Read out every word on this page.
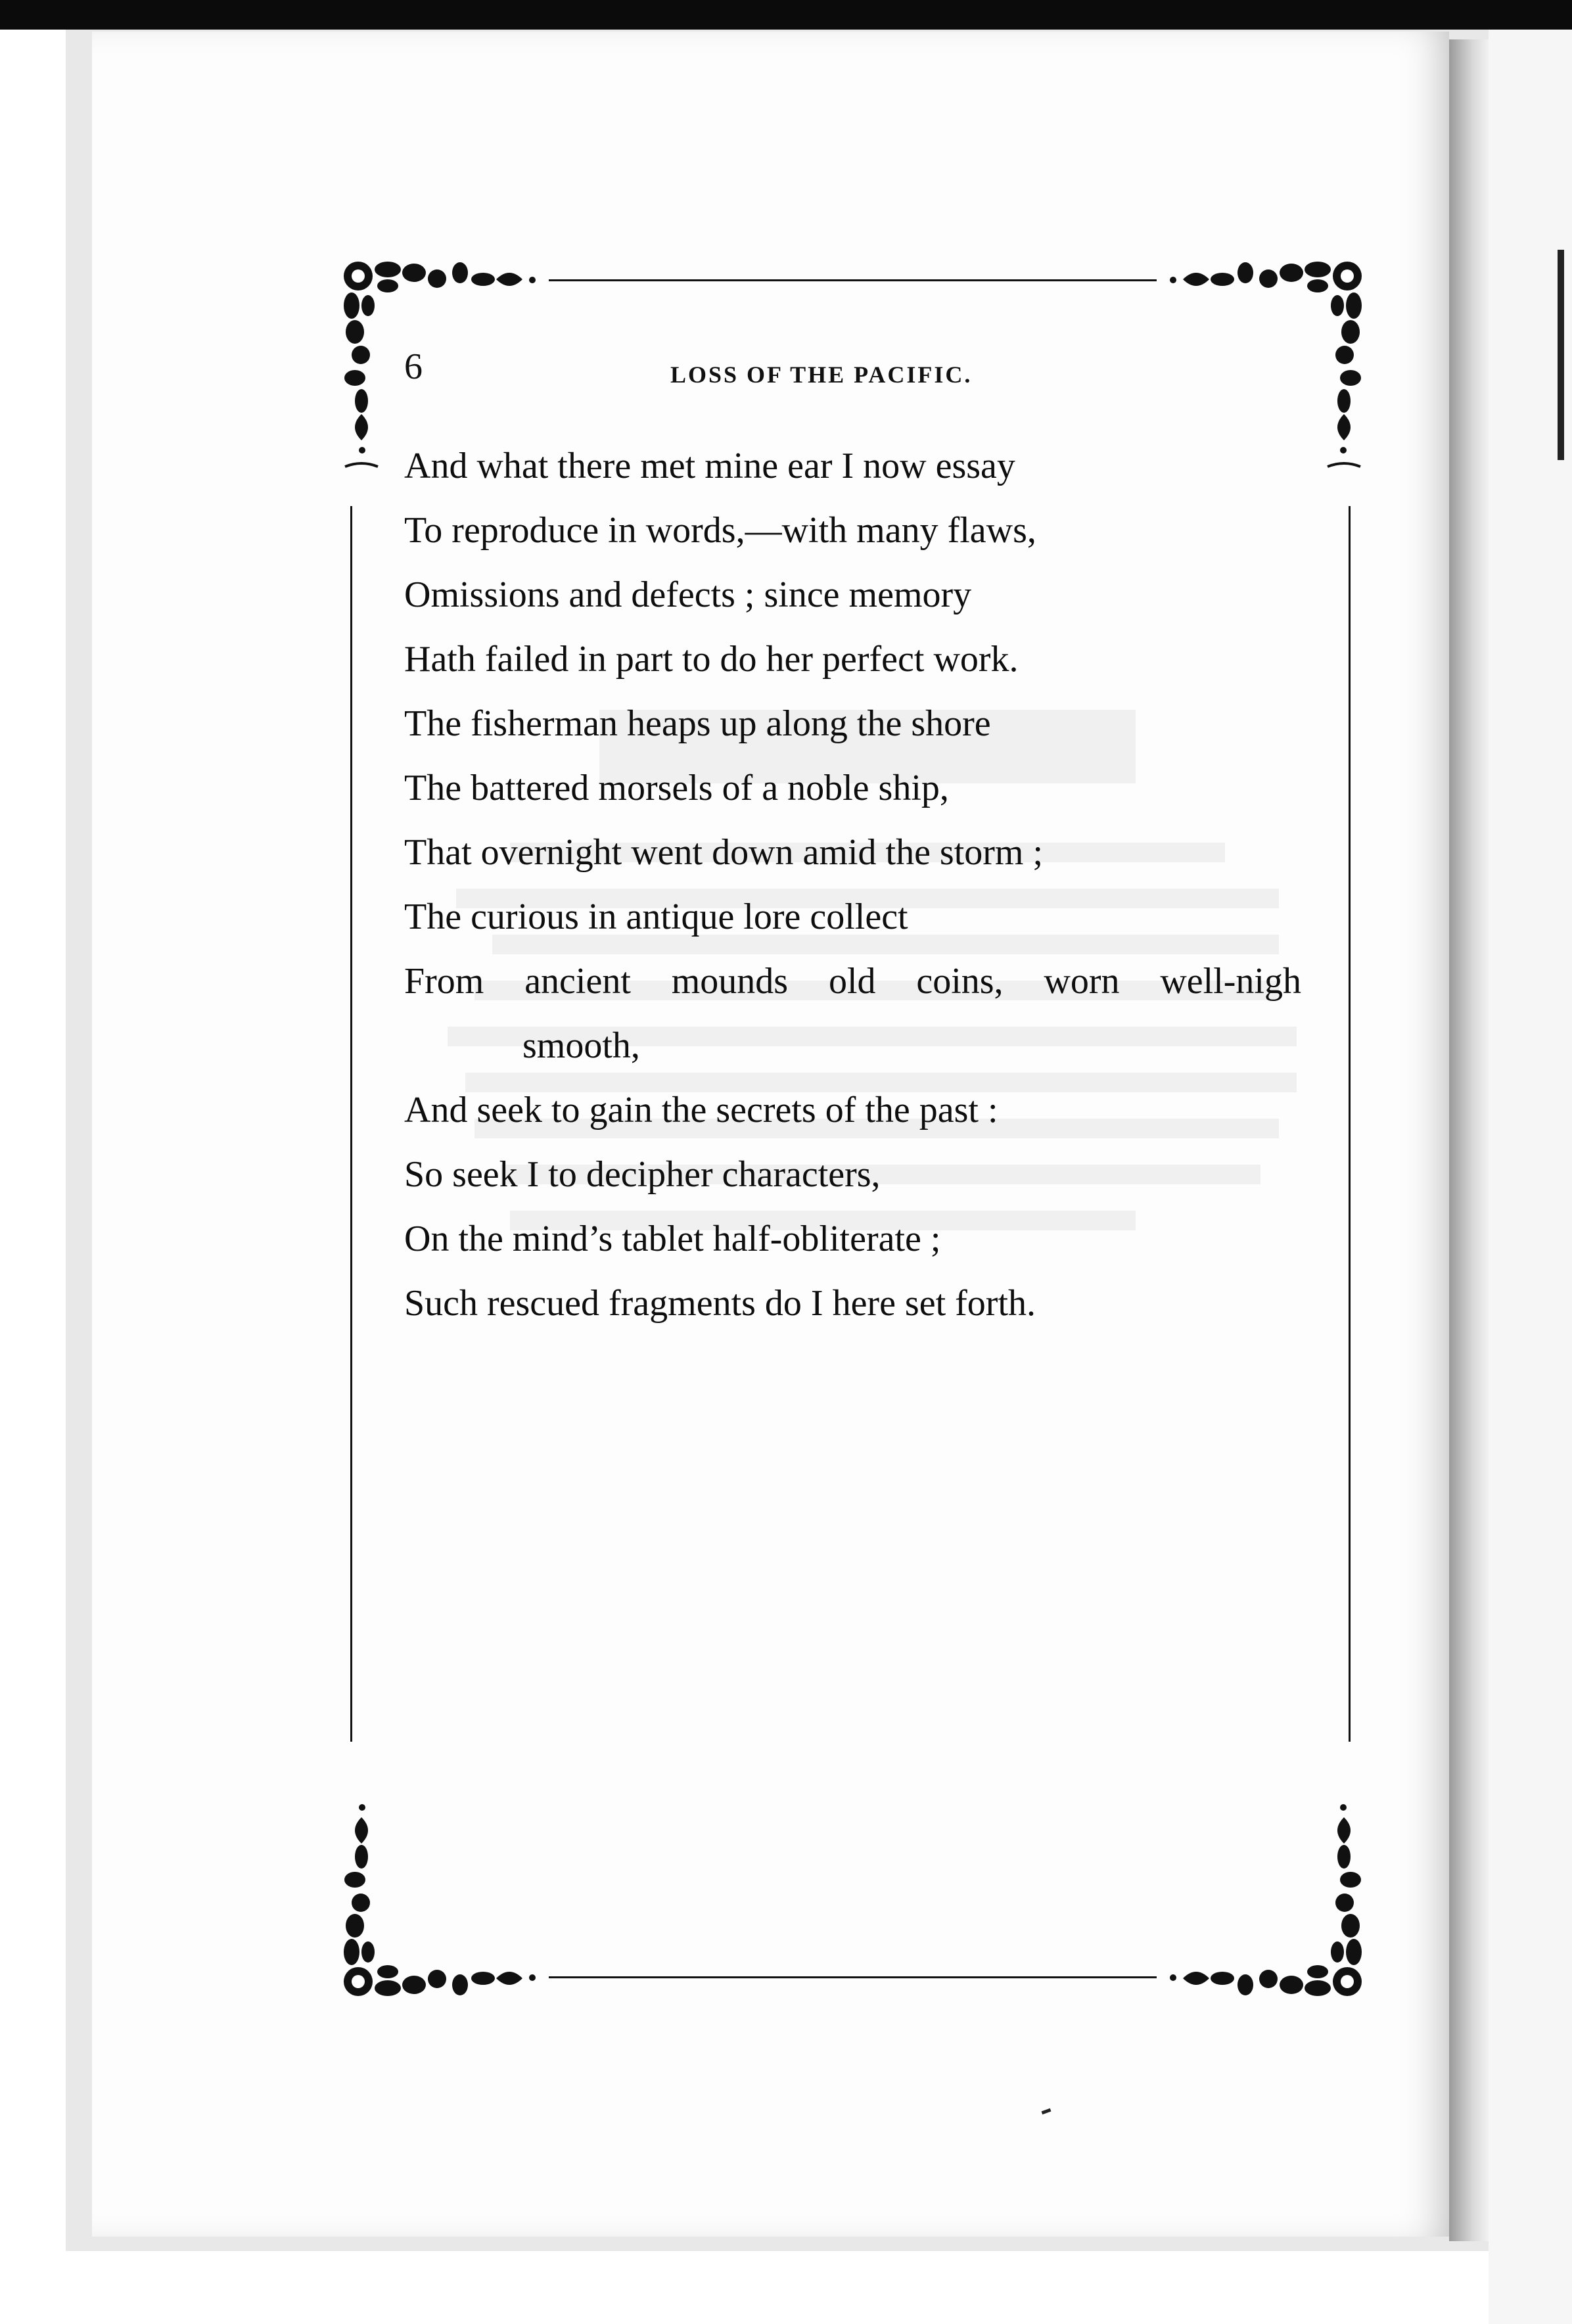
6	LOSS OF THE PACIFIC.
And what there met mine ear I now essay
To reproduce in words,—with many flaws,
Omissions and defects ; since memory
Hath failed in part to do her perfect work.
The fisherman heaps up along the shore
The battered morsels of a noble ship,
That overnight went down amid the storm ;
The curious in antique lore collect
From ancient mounds old coins, worn well-nigh
smooth,
And seek to gain the secrets of the past :
So seek I to decipher characters,
On the mind’s tablet half-obliterate ;
Such rescued fragments do I here set forth.
